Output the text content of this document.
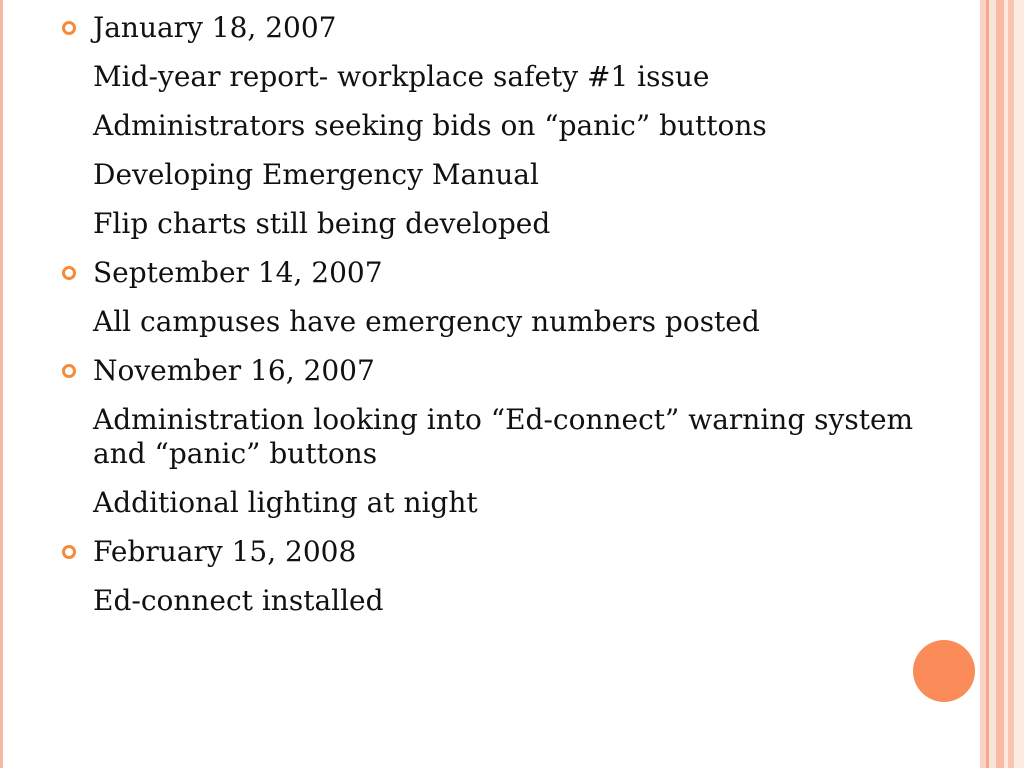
January 18, 2007
Mid-year report- workplace safety #1 issue
Administrators seeking bids on “panic” buttons
Developing Emergency Manual
Flip charts still being developed
September 14, 2007
All campuses have emergency numbers posted
November 16, 2007
Administration looking into “Ed-connect” warning system and “panic” buttons
Additional lighting at night
February 15, 2008
Ed-connect installed
